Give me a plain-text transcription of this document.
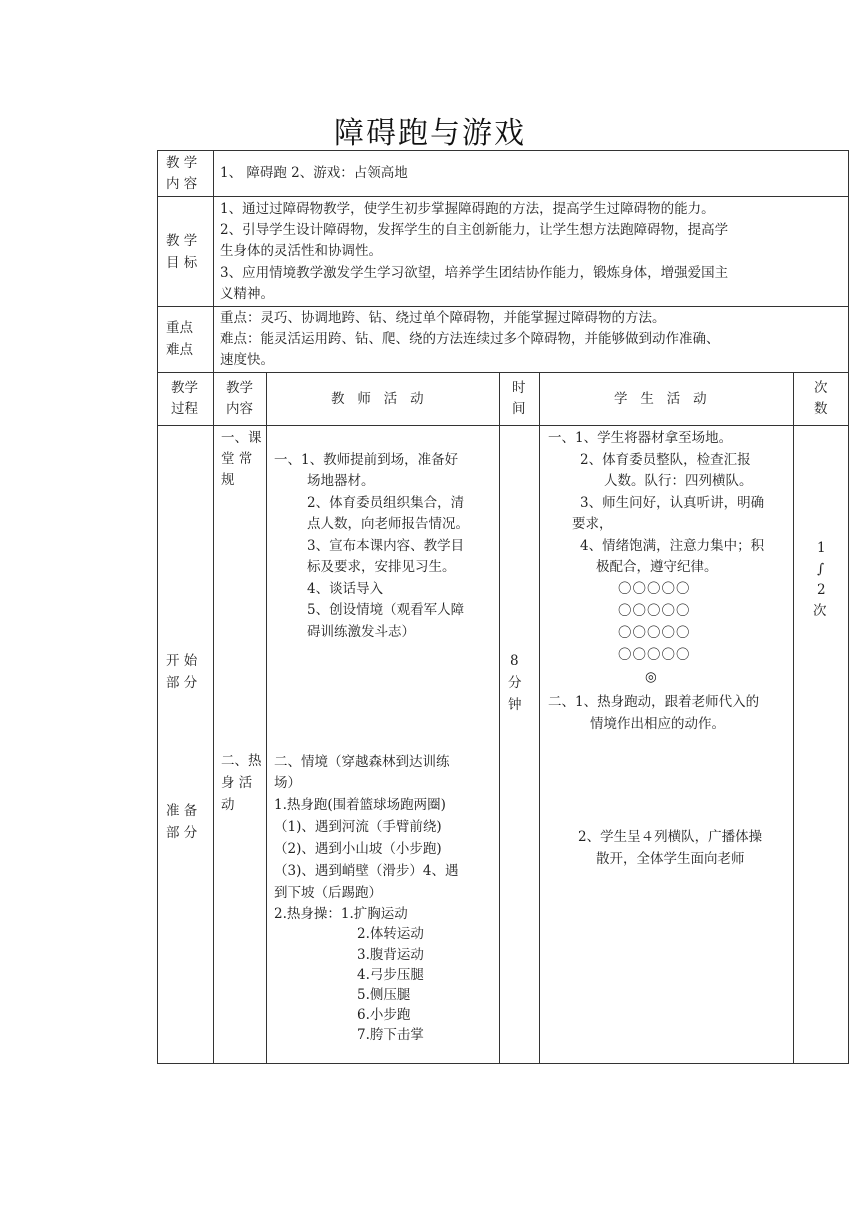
障碍跑与游戏
教 学
内 容
1、 障碍跑 2、游戏：占领高地
教 学
目 标
1、通过过障碍物教学，使学生初步掌握障碍跑的方法，提高学生过障碍物的能力。
2、引导学生设计障碍物，发挥学生的自主创新能力，让学生想方法跑障碍物，提高学
生身体的灵活性和协调性。
3、应用情境教学激发学生学习欲望，培养学生团结协作能力，锻炼身体，增强爱国主
义精神。
重点
难点
重点：灵巧、协调地跨、钻、绕过单个障碍物，并能掌握过障碍物的方法。
难点：能灵活运用跨、钻、爬、绕的方法连续过多个障碍物，并能够做到动作准确、
速度快。
教学
过程
教学
内容
教   师   活   动
时
间
学   生   活   动
次
数
开 始
部 分
准 备
部 分
一、课
堂 常
规
二、热
身 活
动
一、1、教师提前到场，准备好
场地器材。
2、体育委员组织集合，清
点人数，向老师报告情况。
3、宣布本课内容、教学目
标及要求，安排见习生。
4、谈话导入
5、创设情境（观看军人障
碍训练激发斗志）
二、情境（穿越森林到达训练
场）
1.热身跑(围着篮球场跑两圈)
（1)、遇到河流（手臂前绕)
（2)、遇到小山坡（小步跑)
（3)、遇到峭壁（滑步）4、遇
到下坡（后踢跑）
2.热身操：1.扩胸运动
2.体转运动
3.腹背运动
4.弓步压腿
5.侧压腿
6.小步跑
7.胯下击掌
8
分
钟
一、1、学生将器材拿至场地。
2、体育委员整队，检查汇报
人数。队行：四列横队。
3、师生问好，认真听讲，明确
要求，
4、情绪饱满，注意力集中；积
极配合，遵守纪律。
〇〇〇〇〇
〇〇〇〇〇
〇〇〇〇〇
〇〇〇〇〇
◎
二、1、热身跑动，跟着老师代入的
情境作出相应的动作。
2、学生呈４列横队，广播体操
散开，全体学生面向老师
1
∫
2
次
